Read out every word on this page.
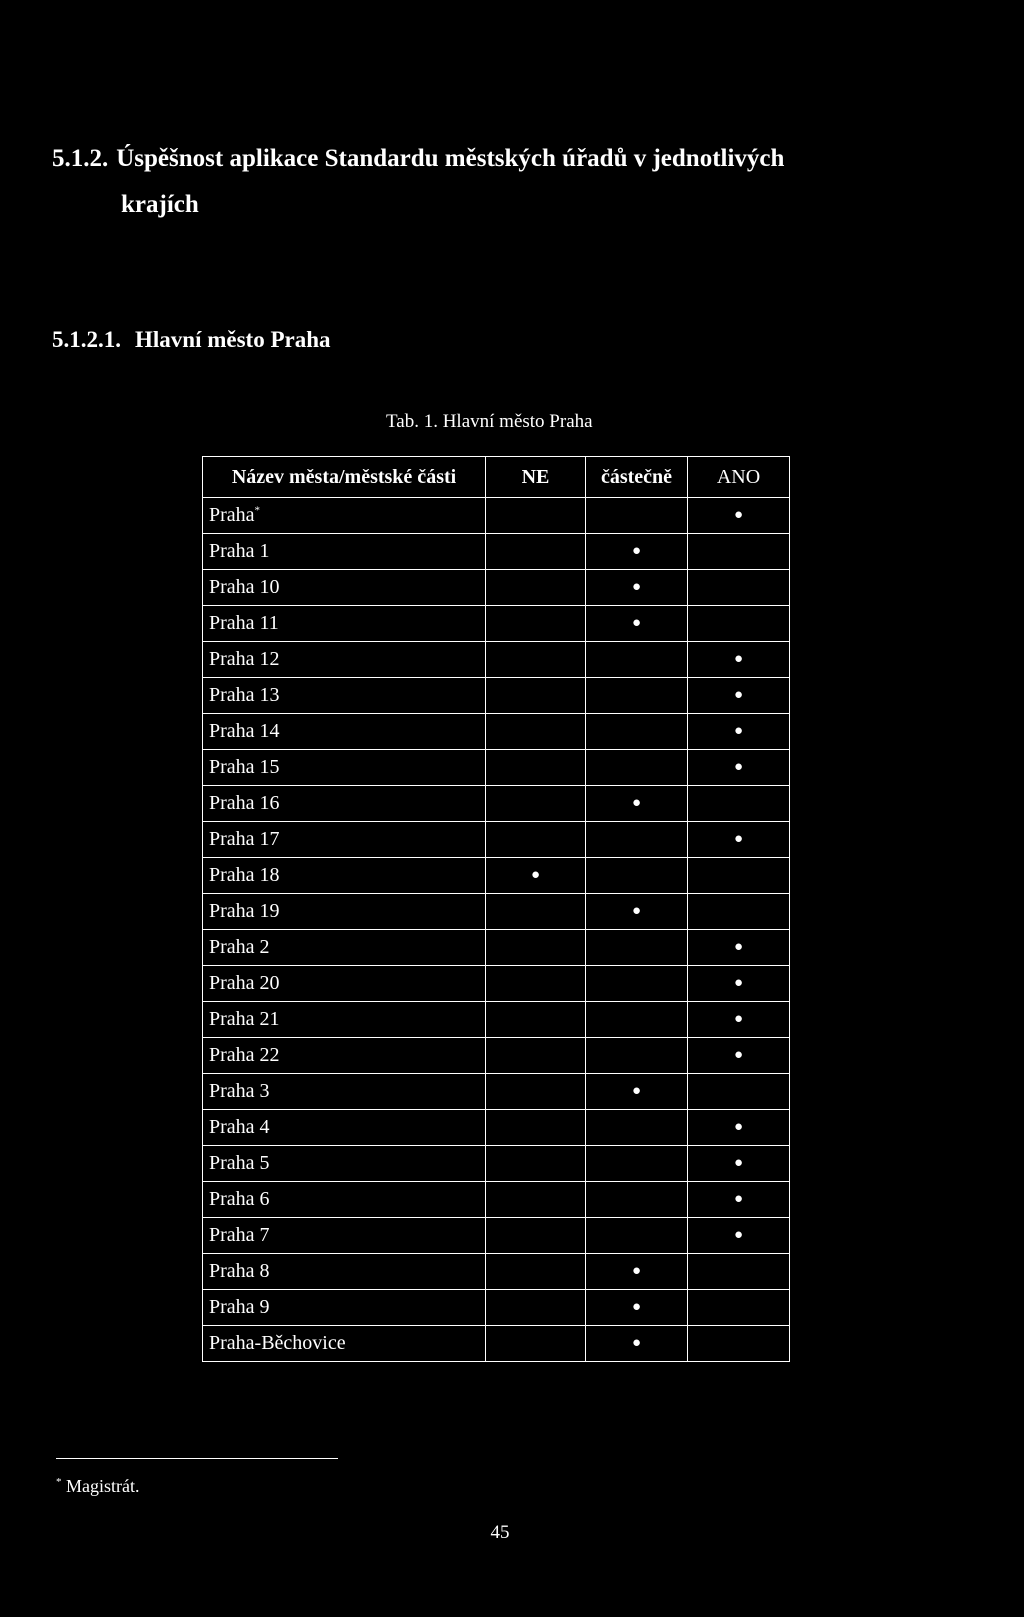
5.1.2. Úspěšnost aplikace Standardu městských úřadů v jednotlivých
krajích
5.1.2.1. Hlavní město Praha
Tab. 1. Hlavní město Praha
Název města/městské části	NE	částečně	ANO
Praha*			●
Praha 1		●	
Praha 10		●	
Praha 11		●	
Praha 12			●
Praha 13			●
Praha 14			●
Praha 15			●
Praha 16		●	
Praha 17			●
Praha 18	●		
Praha 19		●	
Praha 2			●
Praha 20			●
Praha 21			●
Praha 22			●
Praha 3		●	
Praha 4			●
Praha 5			●
Praha 6			●
Praha 7			●
Praha 8		●	
Praha 9		●	
Praha-Běchovice		●	
* Magistrát.
45
